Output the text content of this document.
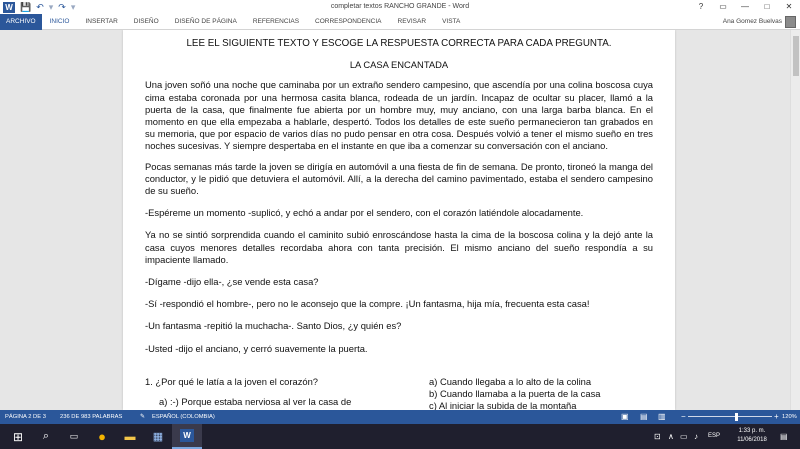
W 💾 ↶ ▾ ↷ ▾	completar textos RANCHO GRANDE - Word	?	▭	—	□	✕
ARCHIVO	INICIO	INSERTAR	DISEÑO	DISEÑO DE PÁGINA	REFERENCIAS	CORRESPONDENCIA	REVISAR	VISTA	Ana Gomez Buelvas
LEE EL SIGUIENTE TEXTO Y ESCOGE LA RESPUESTA CORRECTA PARA CADA PREGUNTA.
LA CASA ENCANTADA
Una joven soñó una noche que caminaba por un extraño sendero campesino, que ascendía por una colina boscosa cuya cima estaba coronada por una hermosa casita blanca, rodeada de un jardín. Incapaz de ocultar su placer, llamó a la puerta de la casa, que finalmente fue abierta por un hombre muy, muy anciano, con una larga barba blanca. En el momento en que ella empezaba a hablarle, despertó. Todos los detalles de este sueño permanecieron tan grabados en su memoria, que por espacio de varios días no pudo pensar en otra cosa. Después volvió a tener el mismo sueño en tres noches sucesivas. Y siempre despertaba en el instante en que iba a comenzar su conversación con el anciano.
Pocas semanas más tarde la joven se dirigía en automóvil a una fiesta de fin de semana. De pronto, tironeó la manga del conductor, y le pidió que detuviera el automóvil. Allí, a la derecha del camino pavimentado, estaba el sendero campesino de su sueño.
-Espéreme un momento -suplicó, y echó a andar por el sendero, con el corazón latiéndole alocadamente.
Ya no se sintió sorprendida cuando el caminito subió enroscándose hasta la cima de la boscosa colina y la dejó ante la casa cuyos menores detalles recordaba ahora con tanta precisión. El mismo anciano del sueño respondía a su impaciente llamado.
-Dígame -dijo ella-, ¿se vende esta casa?
-Sí -respondió el hombre-, pero no le aconsejo que la compre. ¡Un fantasma, hija mía, frecuenta esta casa!
-Un fantasma -repitió la muchacha-. Santo Dios, ¿y quién es?
-Usted -dijo el anciano, y cerró suavemente la puerta.
1. ¿Por qué le latía a la joven el corazón?
a) :-) Porque estaba nerviosa al ver la casa de
a) Cuando llegaba a lo alto de la colina
b) Cuando llamaba a la puerta de la casa
c) Al iniciar la subida de la montaña
PÁGINA 2 DE 3 236 DE 983 PALABRAS	✎ ESPAÑOL (COLOMBIA)	▣ ▤ ▥ −	+ 120%
⊞	⌕	▭	●	▬	▦	W	⊡ ∧ ▭ ♪ ESP
1:33 p. m.
11/06/2018	▤
